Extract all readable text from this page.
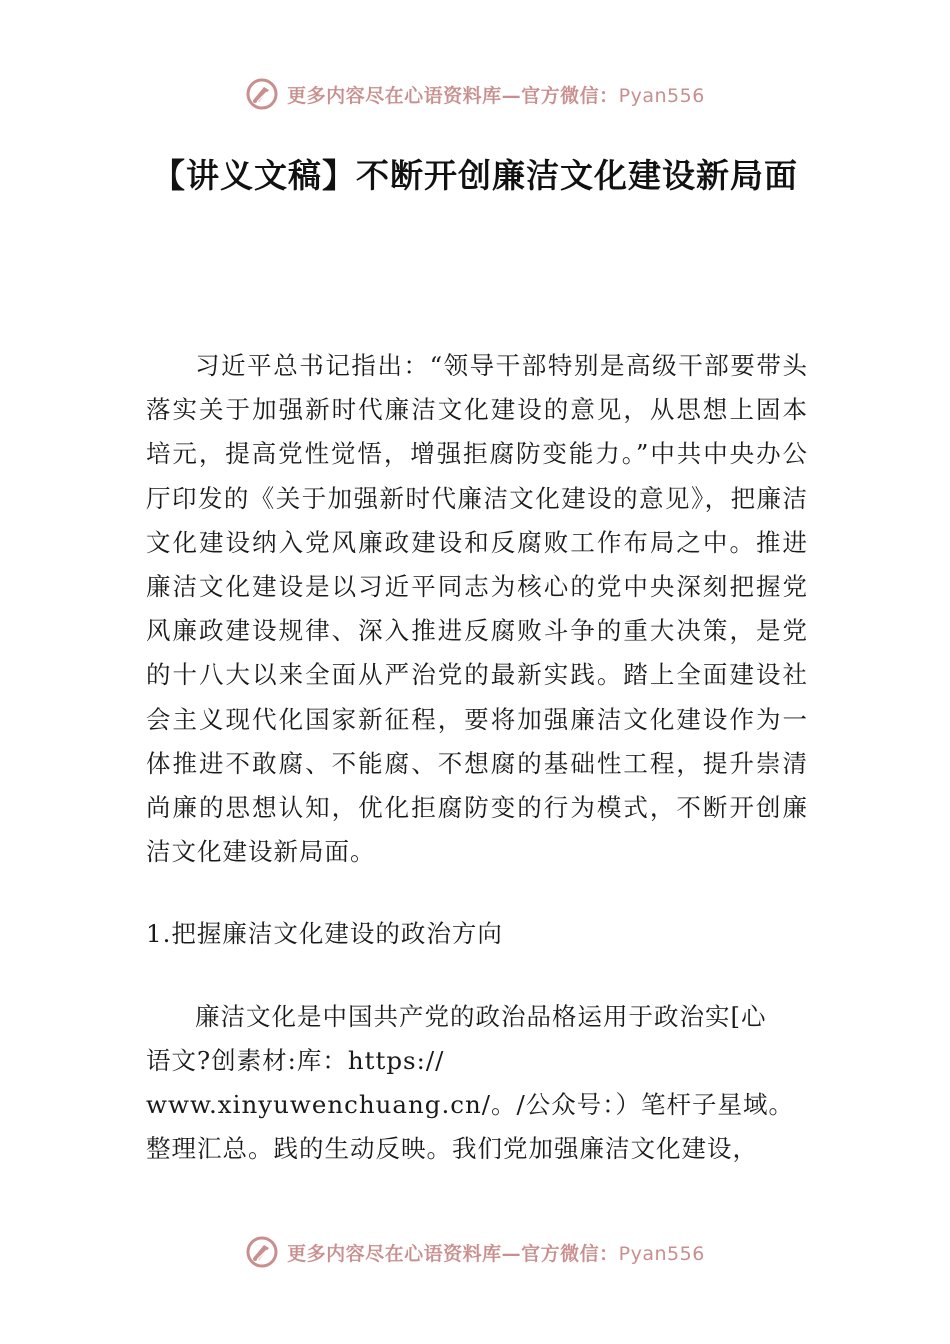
更多内容尽在心语资料库—官方微信：Pyan556
【讲义文稿】不断开创廉洁文化建设新局面

习近平总书记指出：“领导干部特别是高级干部要带头落实关于加强新时代廉洁文化建设的意见，从思想上固本培元，提高党性觉悟，增强拒腐防变能力。”中共中央办公厅印发的《关于加强新时代廉洁文化建设的意见》，把廉洁文化建设纳入党风廉政建设和反腐败工作布局之中。推进廉洁文化建设是以习近平同志为核心的党中央深刻把握党风廉政建设规律、深入推进反腐败斗争的重大决策，是党的十八大以来全面从严治党的最新实践。踏上全面建设社会主义现代化国家新征程，要将加强廉洁文化建设作为一体推进不敢腐、不能腐、不想腐的基础性工程，提升崇清尚廉的思想认知，优化拒腐防变的行为模式，不断开创廉洁文化建设新局面。

1.把握廉洁文化建设的政治方向

廉洁文化是中国共产党的政治品格运用于政治实[心
语文?创素材:库：https://
www.xinyuwenchuang.cn/。/公众号：）笔杆子星域。
整理汇总。践的生动反映。我们党加强廉洁文化建设，

更多内容尽在心语资料库—官方微信：Pyan556
